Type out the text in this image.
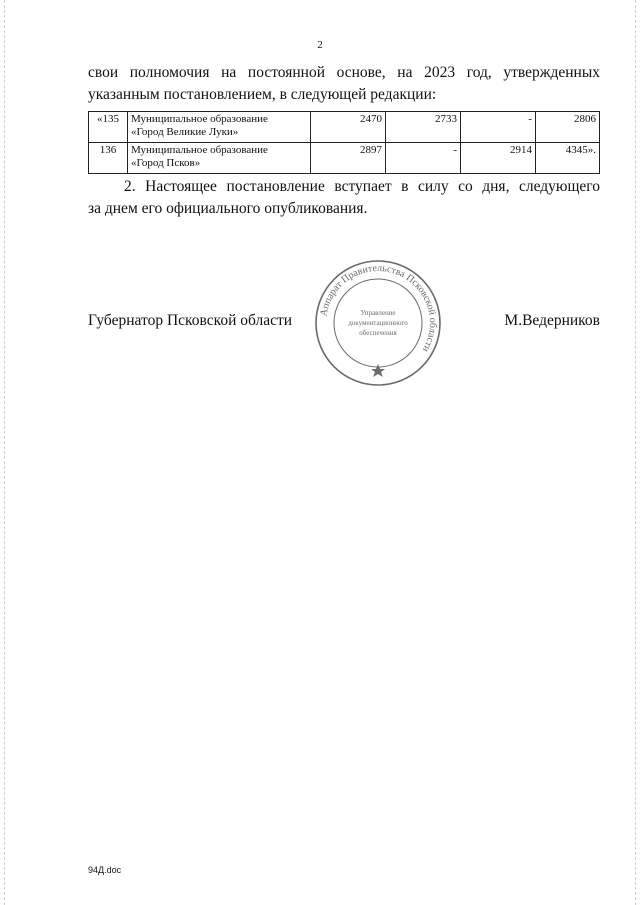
2

свои полномочия на постоянной основе, на 2023 год, утвержденных
указанным постановлением, в следующей редакции:

«135	Муниципальное образование
«Город Великие Луки»	2470	2733	-	2806
136	Муниципальное образование
«Город Псков»	2897	-	2914	4345».

2. Настоящее постановление вступает в силу со дня, следующего
за днем его официального опубликования.

Губернатор Псковской области	М.Ведерников
Аппарат Правительства Псковской области
Управление
документационного
обеспечения
94Д.doc
